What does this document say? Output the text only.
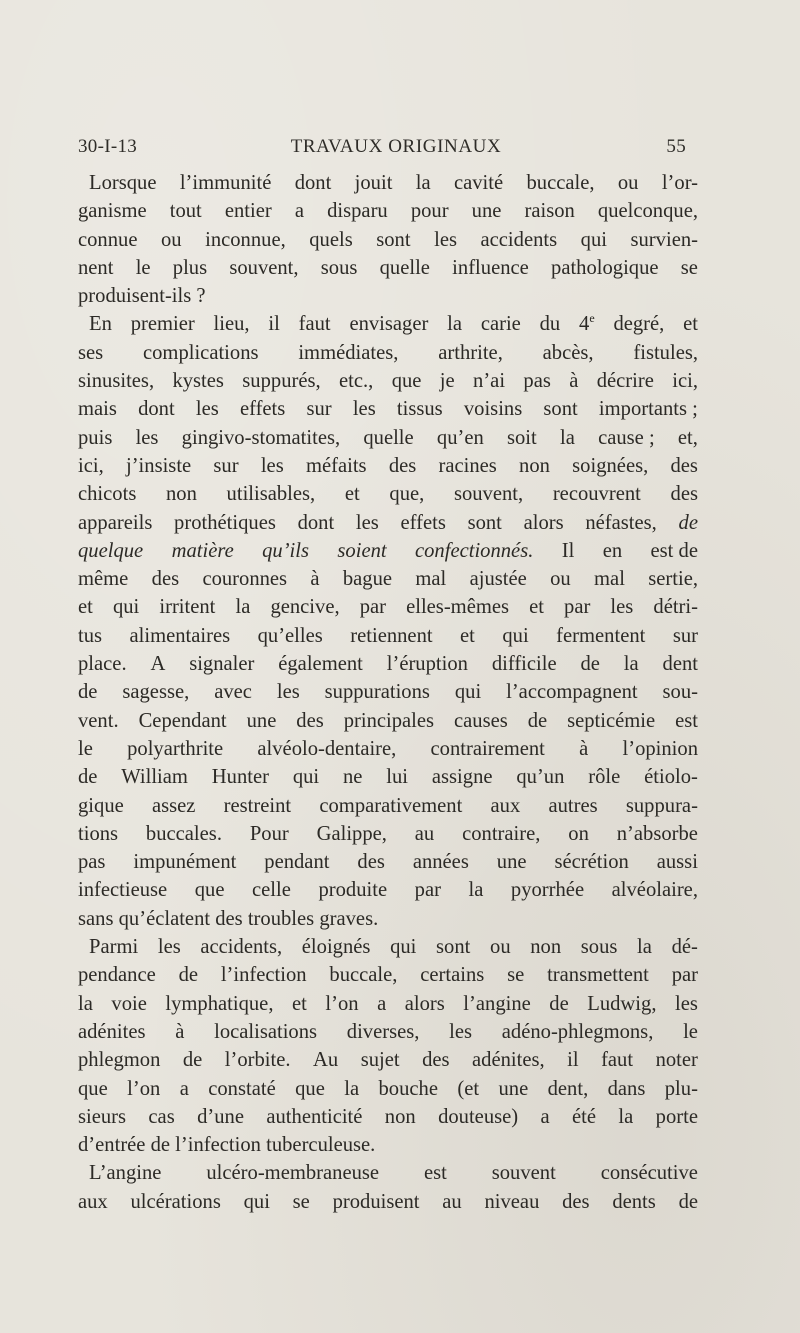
30-I-13	TRAVAUX ORIGINAUX	55
Lorsque l’immunité dont jouit la cavité buccale, ou l’or-
ganisme tout entier a disparu pour une raison quelconque,
connue ou inconnue, quels sont les accidents qui survien-
nent le plus souvent, sous quelle influence pathologique se
produisent-ils ?
En premier lieu, il faut envisager la carie du 4e degré, et
ses complications immédiates, arthrite, abcès, fistules,
sinusites, kystes suppurés, etc., que je n’ai pas à décrire ici,
mais dont les effets sur les tissus voisins sont importants ;
puis les gingivo-stomatites, quelle qu’en soit la cause ; et,
ici, j’insiste sur les méfaits des racines non soignées, des
chicots non utilisables, et que, souvent, recouvrent des
appareils prothétiques dont les effets sont alors néfastes, de
quelque matière qu’ils soient confectionnés. Il en est de
même des couronnes à bague mal ajustée ou mal sertie,
et qui irritent la gencive, par elles-mêmes et par les détri-
tus alimentaires qu’elles retiennent et qui fermentent sur
place. A signaler également l’éruption difficile de la dent
de sagesse, avec les suppurations qui l’accompagnent sou-
vent. Cependant une des principales causes de septicémie est
le polyarthrite alvéolo-dentaire, contrairement à l’opinion
de William Hunter qui ne lui assigne qu’un rôle étiolo-
gique assez restreint comparativement aux autres suppura-
tions buccales. Pour Galippe, au contraire, on n’absorbe
pas impunément pendant des années une sécrétion aussi
infectieuse que celle produite par la pyorrhée alvéolaire,
sans qu’éclatent des troubles graves.
Parmi les accidents, éloignés qui sont ou non sous la dé-
pendance de l’infection buccale, certains se transmettent par
la voie lymphatique, et l’on a alors l’angine de Ludwig, les
adénites à localisations diverses, les adéno-phlegmons, le
phlegmon de l’orbite. Au sujet des adénites, il faut noter
que l’on a constaté que la bouche (et une dent, dans plu-
sieurs cas d’une authenticité non douteuse) a été la porte
d’entrée de l’infection tuberculeuse.
L’angine ulcéro-membraneuse est souvent consécutive
aux ulcérations qui se produisent au niveau des dents de
